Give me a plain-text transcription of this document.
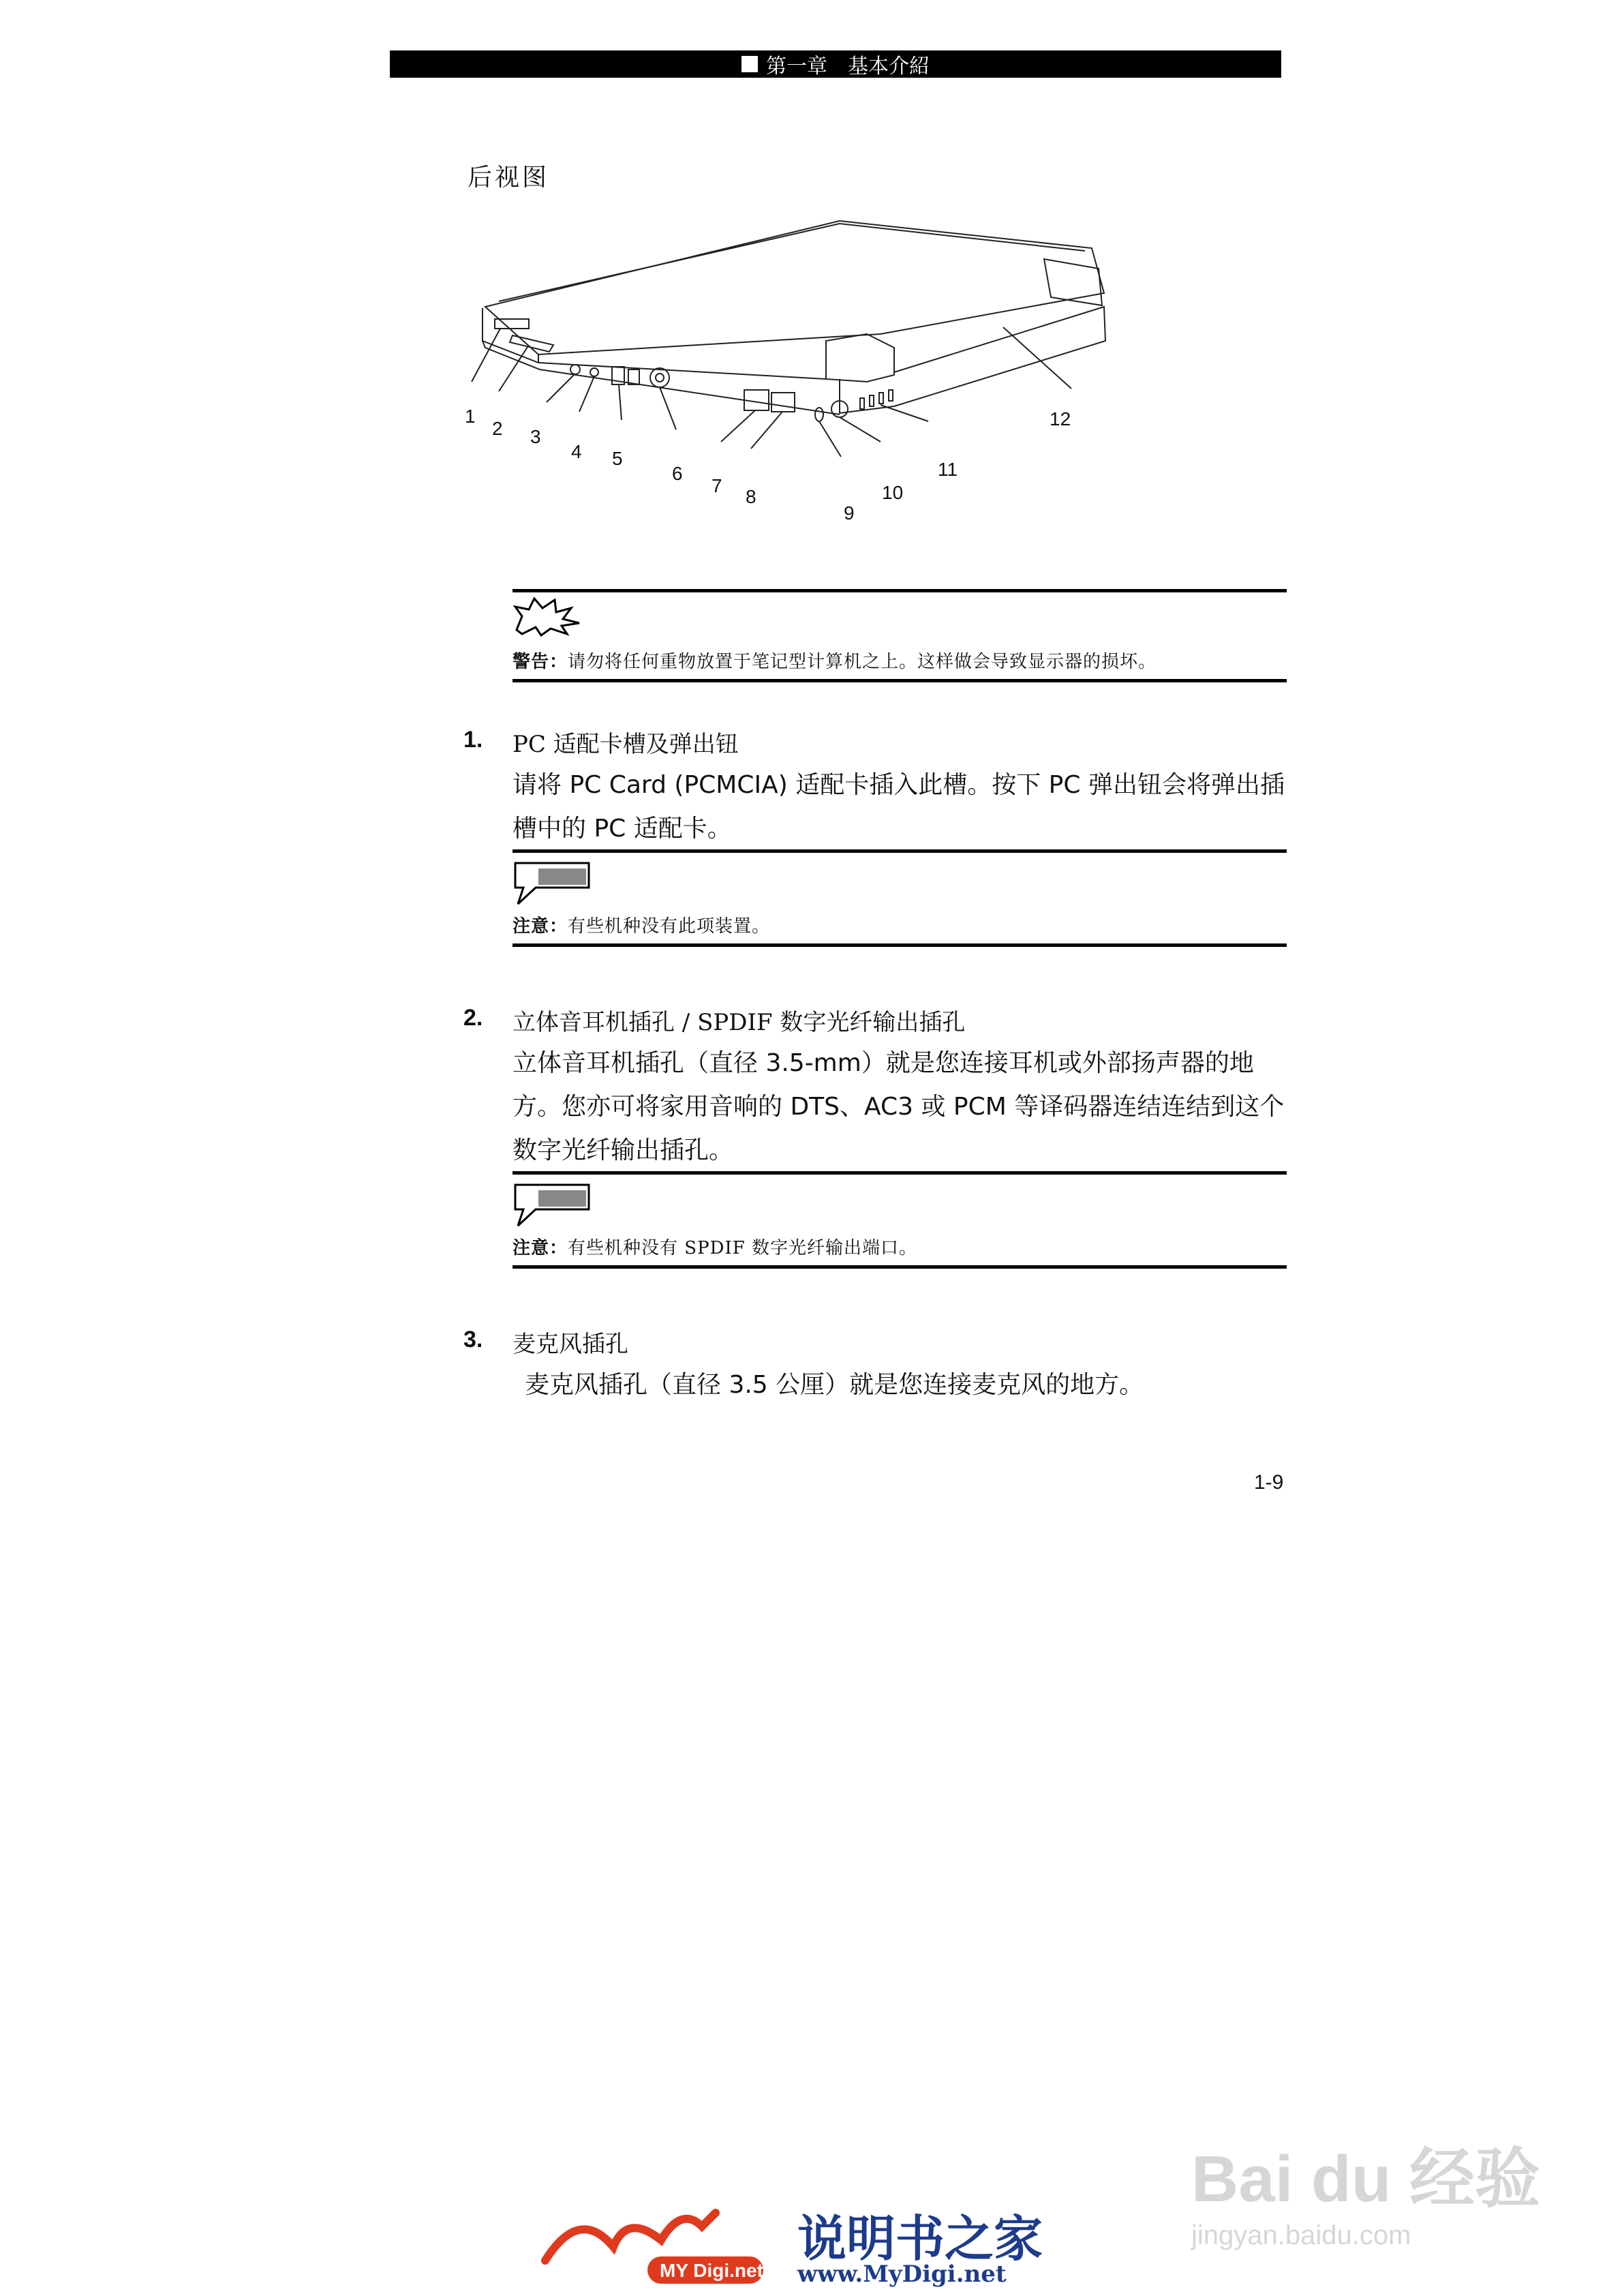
第一章　基本介紹
后视图
1
2 3
4 5
6
7
8
9
10
11
12
警告：请勿将任何重物放置于笔记型计算机之上。这样做会导致显示器的损坏。
1. PC 适配卡槽及弹出钮
请将 PC Card (PCMCIA) 适配卡插入此槽。按下 PC 弹出钮会将弹出插槽中的 PC 适配卡。
注意：有些机种没有此项装置。
2. 立体音耳机插孔 / SPDIF 数字光纤输出插孔
立体音耳机插孔（直径 3.5-mm）就是您连接耳机或外部扬声器的地方。您亦可将家用音响的 DTS、AC3 或 PCM 等译码器连结连结到这个数字光纤输出插孔。
注意：有些机种没有 SPDIF 数字光纤输出端口。
3. 麦克风插孔
麦克风插孔（直径 3.5 公厘）就是您连接麦克风的地方。
1-9
Bai du 经验
jingyan.baidu.com
MY Digi.net
说明书之家
www.MyDigi.net
